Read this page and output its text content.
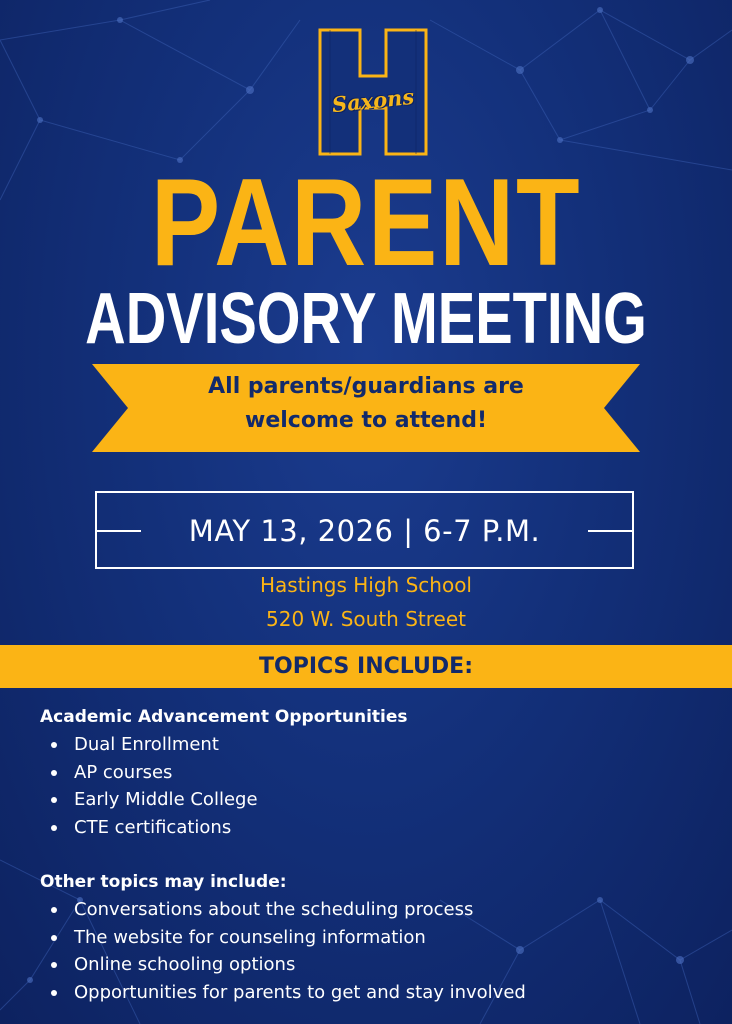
Saxons
PARENT
ADVISORY MEETING
All parents/guardians are
welcome to attend!
MAY 13, 2026 | 6-7 P.M.
Hastings High School
520 W. South Street
TOPICS INCLUDE:
Academic Advancement Opportunities
Dual Enrollment
AP courses
Early Middle College
CTE certifications
Other topics may include:
Conversations about the scheduling process
The website for counseling information
Online schooling options
Opportunities for parents to get and stay involved
